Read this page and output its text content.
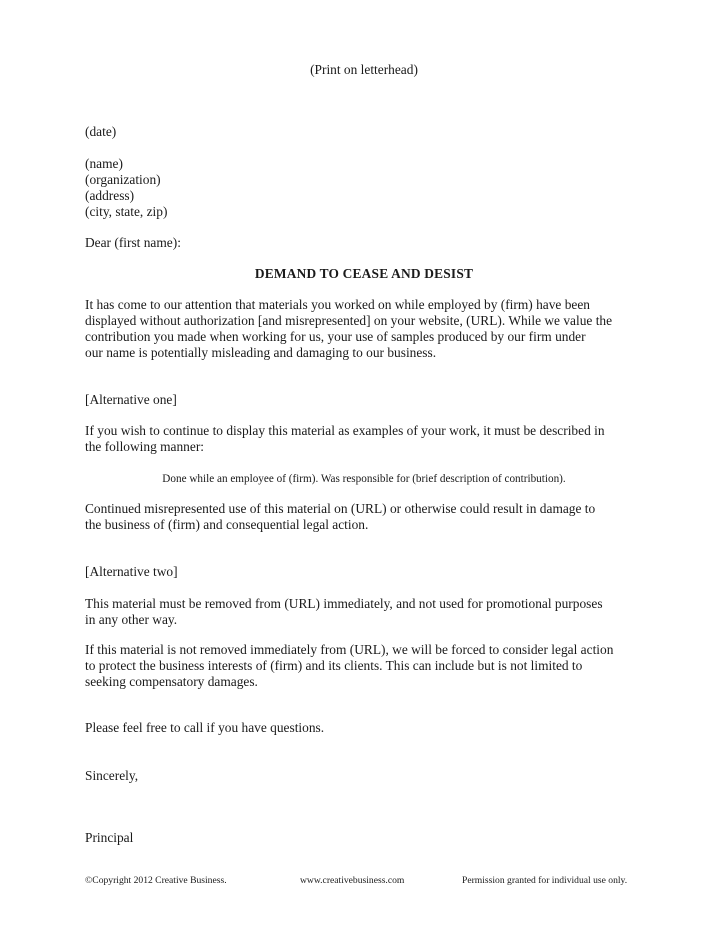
(Print on letterhead)
(date)
(name)
(organization)
(address)
(city, state, zip)
Dear (first name):
DEMAND TO CEASE AND DESIST
It has come to our attention that materials you worked on while employed by (firm) have been
displayed without authorization [and misrepresented] on your website, (URL). While we value the
contribution you made when working for us, your use of samples produced by our firm under
our name is potentially misleading and damaging to our business.
[Alternative one]
If you wish to continue to display this material as examples of your work, it must be described in
the following manner:
Done while an employee of (firm). Was responsible for (brief description of contribution).
Continued misrepresented use of this material on (URL) or otherwise could result in damage to
the business of (firm) and consequential legal action.
[Alternative two]
This material must be removed from (URL) immediately, and not used for promotional purposes
in any other way.
If this material is not removed immediately from (URL), we will be forced to consider legal action
to protect the business interests of (firm) and its clients. This can include but is not limited to
seeking compensatory damages.
Please feel free to call if you have questions.
Sincerely,
Principal
©Copyright 2012 Creative Business.	www.creativebusiness.com	Permission granted for individual use only.
